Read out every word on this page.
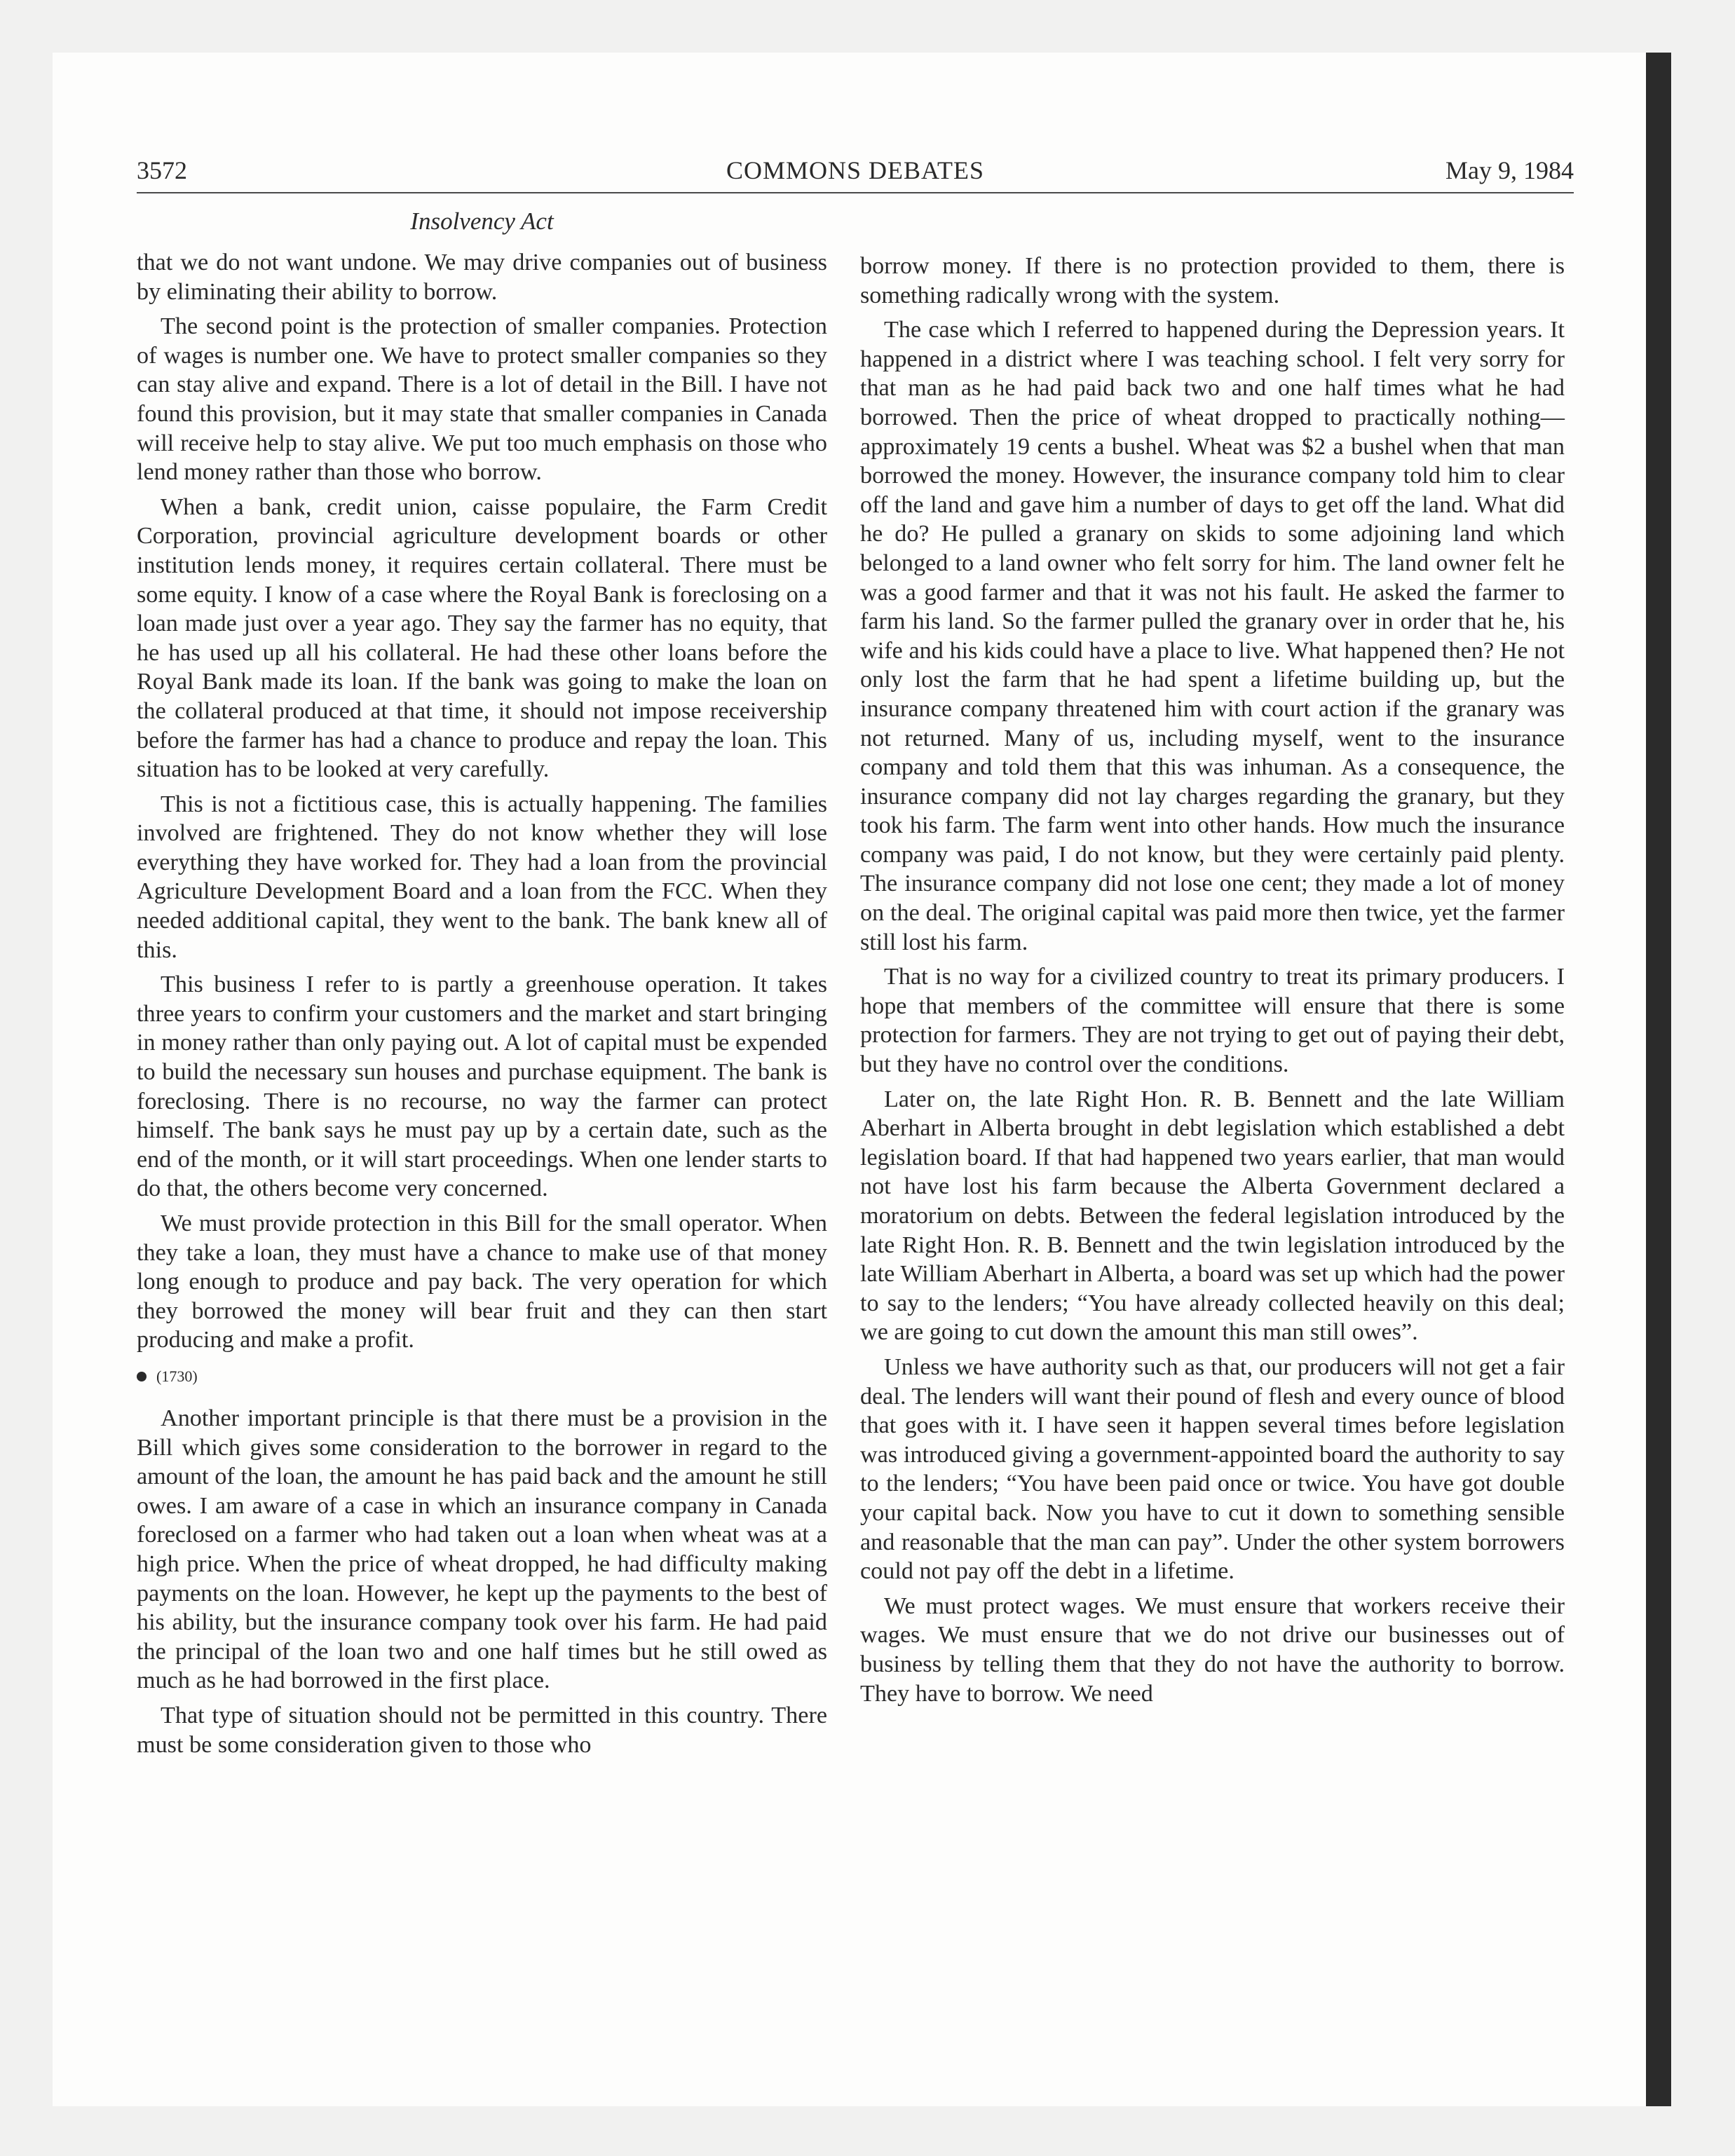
3572	COMMONS DEBATES	May 9, 1984
Insolvency Act

that we do not want undone. We may drive companies out of business by eliminating their ability to borrow.

The second point is the protection of smaller companies. Protection of wages is number one. We have to protect smaller companies so they can stay alive and expand. There is a lot of detail in the Bill. I have not found this provision, but it may state that smaller companies in Canada will receive help to stay alive. We put too much emphasis on those who lend money rather than those who borrow.

When a bank, credit union, caisse populaire, the Farm Credit Corporation, provincial agriculture development boards or other institution lends money, it requires certain collateral. There must be some equity. I know of a case where the Royal Bank is foreclosing on a loan made just over a year ago. They say the farmer has no equity, that he has used up all his collateral. He had these other loans before the Royal Bank made its loan. If the bank was going to make the loan on the collateral produced at that time, it should not impose receivership before the farmer has had a chance to produce and repay the loan. This situation has to be looked at very carefully.

This is not a fictitious case, this is actually happening. The families involved are frightened. They do not know whether they will lose everything they have worked for. They had a loan from the provincial Agriculture Development Board and a loan from the FCC. When they needed additional capital, they went to the bank. The bank knew all of this.

This business I refer to is partly a greenhouse operation. It takes three years to confirm your customers and the market and start bringing in money rather than only paying out. A lot of capital must be expended to build the necessary sun houses and purchase equipment. The bank is foreclosing. There is no recourse, no way the farmer can protect himself. The bank says he must pay up by a certain date, such as the end of the month, or it will start proceedings. When one lender starts to do that, the others become very concerned.

We must provide protection in this Bill for the small operator. When they take a loan, they must have a chance to make use of that money long enough to produce and pay back. The very operation for which they borrowed the money will bear fruit and they can then start producing and make a profit.

(1730)

Another important principle is that there must be a provision in the Bill which gives some consideration to the borrower in regard to the amount of the loan, the amount he has paid back and the amount he still owes. I am aware of a case in which an insurance company in Canada foreclosed on a farmer who had taken out a loan when wheat was at a high price. When the price of wheat dropped, he had difficulty making payments on the loan. However, he kept up the payments to the best of his ability, but the insurance company took over his farm. He had paid the principal of the loan two and one half times but he still owed as much as he had borrowed in the first place.

That type of situation should not be permitted in this country. There must be some consideration given to those who

borrow money. If there is no protection provided to them, there is something radically wrong with the system.

The case which I referred to happened during the Depression years. It happened in a district where I was teaching school. I felt very sorry for that man as he had paid back two and one half times what he had borrowed. Then the price of wheat dropped to practically nothing—approximately 19 cents a bushel. Wheat was $2 a bushel when that man borrowed the money. However, the insurance company told him to clear off the land and gave him a number of days to get off the land. What did he do? He pulled a granary on skids to some adjoining land which belonged to a land owner who felt sorry for him. The land owner felt he was a good farmer and that it was not his fault. He asked the farmer to farm his land. So the farmer pulled the granary over in order that he, his wife and his kids could have a place to live. What happened then? He not only lost the farm that he had spent a lifetime building up, but the insurance company threatened him with court action if the granary was not returned. Many of us, including myself, went to the insurance company and told them that this was inhuman. As a consequence, the insurance company did not lay charges regarding the granary, but they took his farm. The farm went into other hands. How much the insurance company was paid, I do not know, but they were certainly paid plenty. The insurance company did not lose one cent; they made a lot of money on the deal. The original capital was paid more then twice, yet the farmer still lost his farm.

That is no way for a civilized country to treat its primary producers. I hope that members of the committee will ensure that there is some protection for farmers. They are not trying to get out of paying their debt, but they have no control over the conditions.

Later on, the late Right Hon. R. B. Bennett and the late William Aberhart in Alberta brought in debt legislation which established a debt legislation board. If that had happened two years earlier, that man would not have lost his farm because the Alberta Government declared a moratorium on debts. Between the federal legislation introduced by the late Right Hon. R. B. Bennett and the twin legislation introduced by the late William Aberhart in Alberta, a board was set up which had the power to say to the lenders; “You have already collected heavily on this deal; we are going to cut down the amount this man still owes”.

Unless we have authority such as that, our producers will not get a fair deal. The lenders will want their pound of flesh and every ounce of blood that goes with it. I have seen it happen several times before legislation was introduced giving a government-appointed board the authority to say to the lenders; “You have been paid once or twice. You have got double your capital back. Now you have to cut it down to something sensible and reasonable that the man can pay”. Under the other system borrowers could not pay off the debt in a lifetime.

We must protect wages. We must ensure that workers receive their wages. We must ensure that we do not drive our businesses out of business by telling them that they do not have the authority to borrow. They have to borrow. We need
